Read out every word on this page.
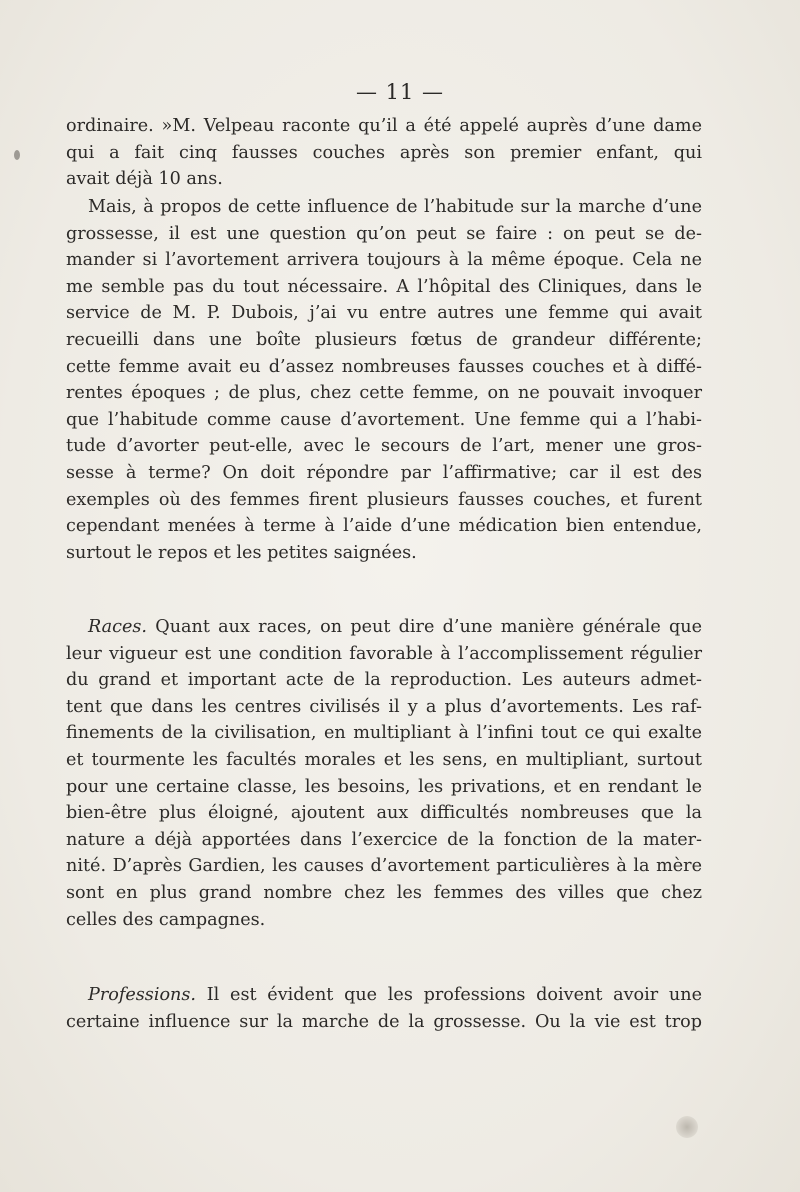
— 11 —
ordinaire. »M. Velpeau raconte qu’il a été appelé auprès d’une dame
qui a fait cinq fausses couches après son premier enfant, qui
avait déjà 10 ans.
Mais, à propos de cette influence de l’habitude sur la marche d’une
grossesse, il est une question qu’on peut se faire : on peut se de-
mander si l’avortement arrivera toujours à la même époque. Cela ne
me semble pas du tout nécessaire. A l’hôpital des Cliniques, dans le
service de M. P. Dubois, j’ai vu entre autres une femme qui avait
recueilli dans une boîte plusieurs fœtus de grandeur différente;
cette femme avait eu d’assez nombreuses fausses couches et à diffé-
rentes époques ; de plus, chez cette femme, on ne pouvait invoquer
que l’habitude comme cause d’avortement. Une femme qui a l’habi-
tude d’avorter peut-elle, avec le secours de l’art, mener une gros-
sesse à terme? On doit répondre par l’affirmative; car il est des
exemples où des femmes firent plusieurs fausses couches, et furent
cependant menées à terme à l’aide d’une médication bien entendue,
surtout le repos et les petites saignées.
Races. Quant aux races, on peut dire d’une manière générale que
leur vigueur est une condition favorable à l’accomplissement régulier
du grand et important acte de la reproduction. Les auteurs admet-
tent que dans les centres civilisés il y a plus d’avortements. Les raf-
finements de la civilisation, en multipliant à l’infini tout ce qui exalte
et tourmente les facultés morales et les sens, en multipliant, surtout
pour une certaine classe, les besoins, les privations, et en rendant le
bien-être plus éloigné, ajoutent aux difficultés nombreuses que la
nature a déjà apportées dans l’exercice de la fonction de la mater-
nité. D’après Gardien, les causes d’avortement particulières à la mère
sont en plus grand nombre chez les femmes des villes que chez
celles des campagnes.
Professions. Il est évident que les professions doivent avoir une
certaine influence sur la marche de la grossesse. Ou la vie est trop
